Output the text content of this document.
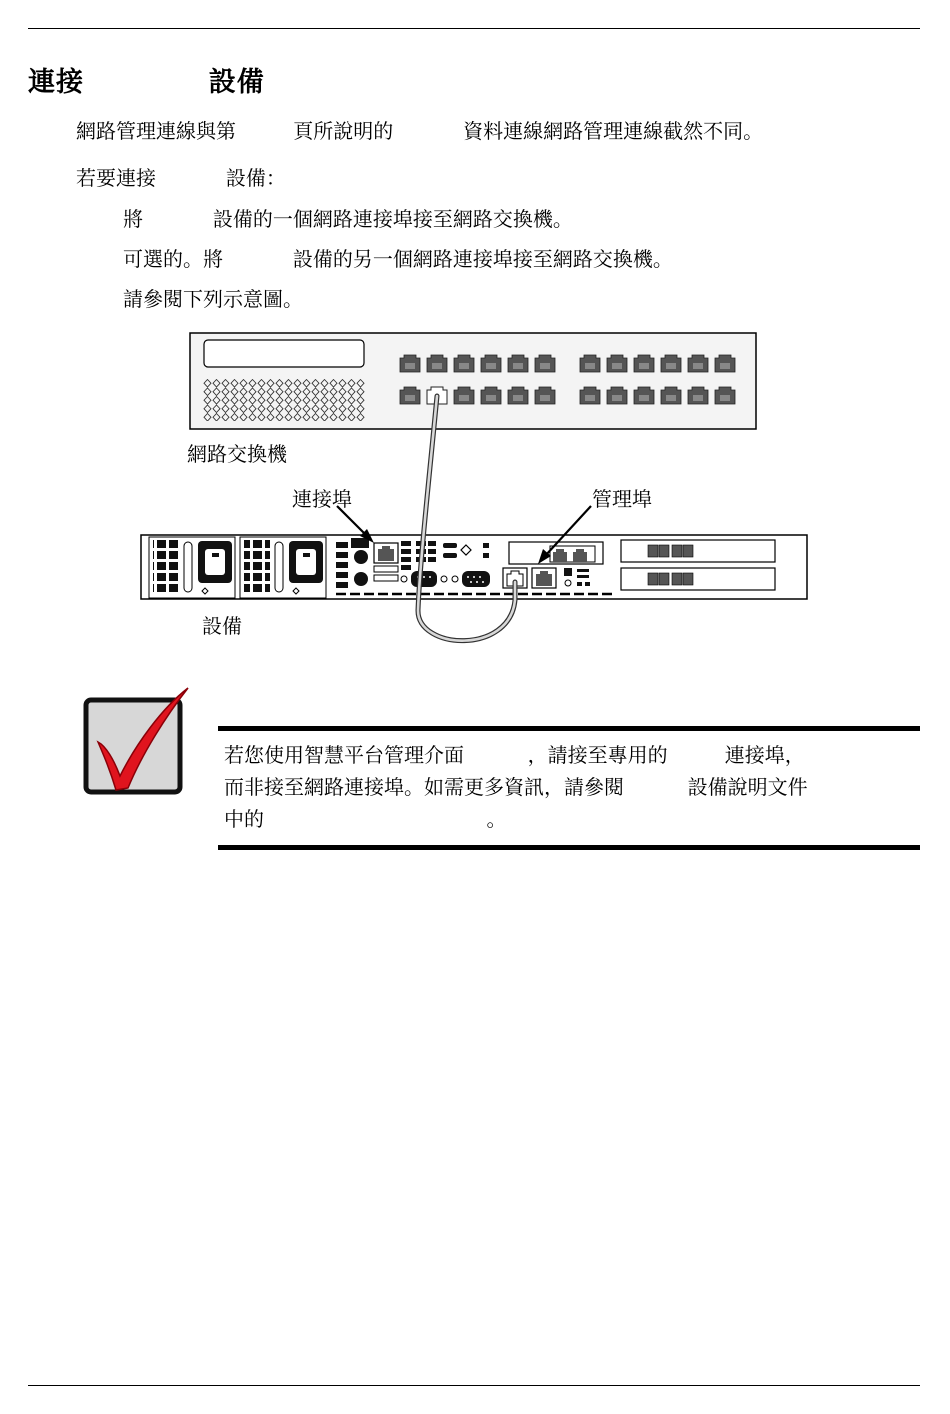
連接            設備
網路管理連線與第         頁所說明的           資料連線網路管理連線截然不同。
若要連接           設備：
將           設備的一個網路連接埠接至網路交換機。
可選的。將           設備的另一個網路連接埠接至網路交換機。
請參閱下列示意圖。
網路交換機
連接埠	管理埠
設備
若您使用智慧平台管理介面          ，請接至專用的         連接埠，
而非接至網路連接埠。如需更多資訊，請參閱          設備說明文件
中的                                   。
